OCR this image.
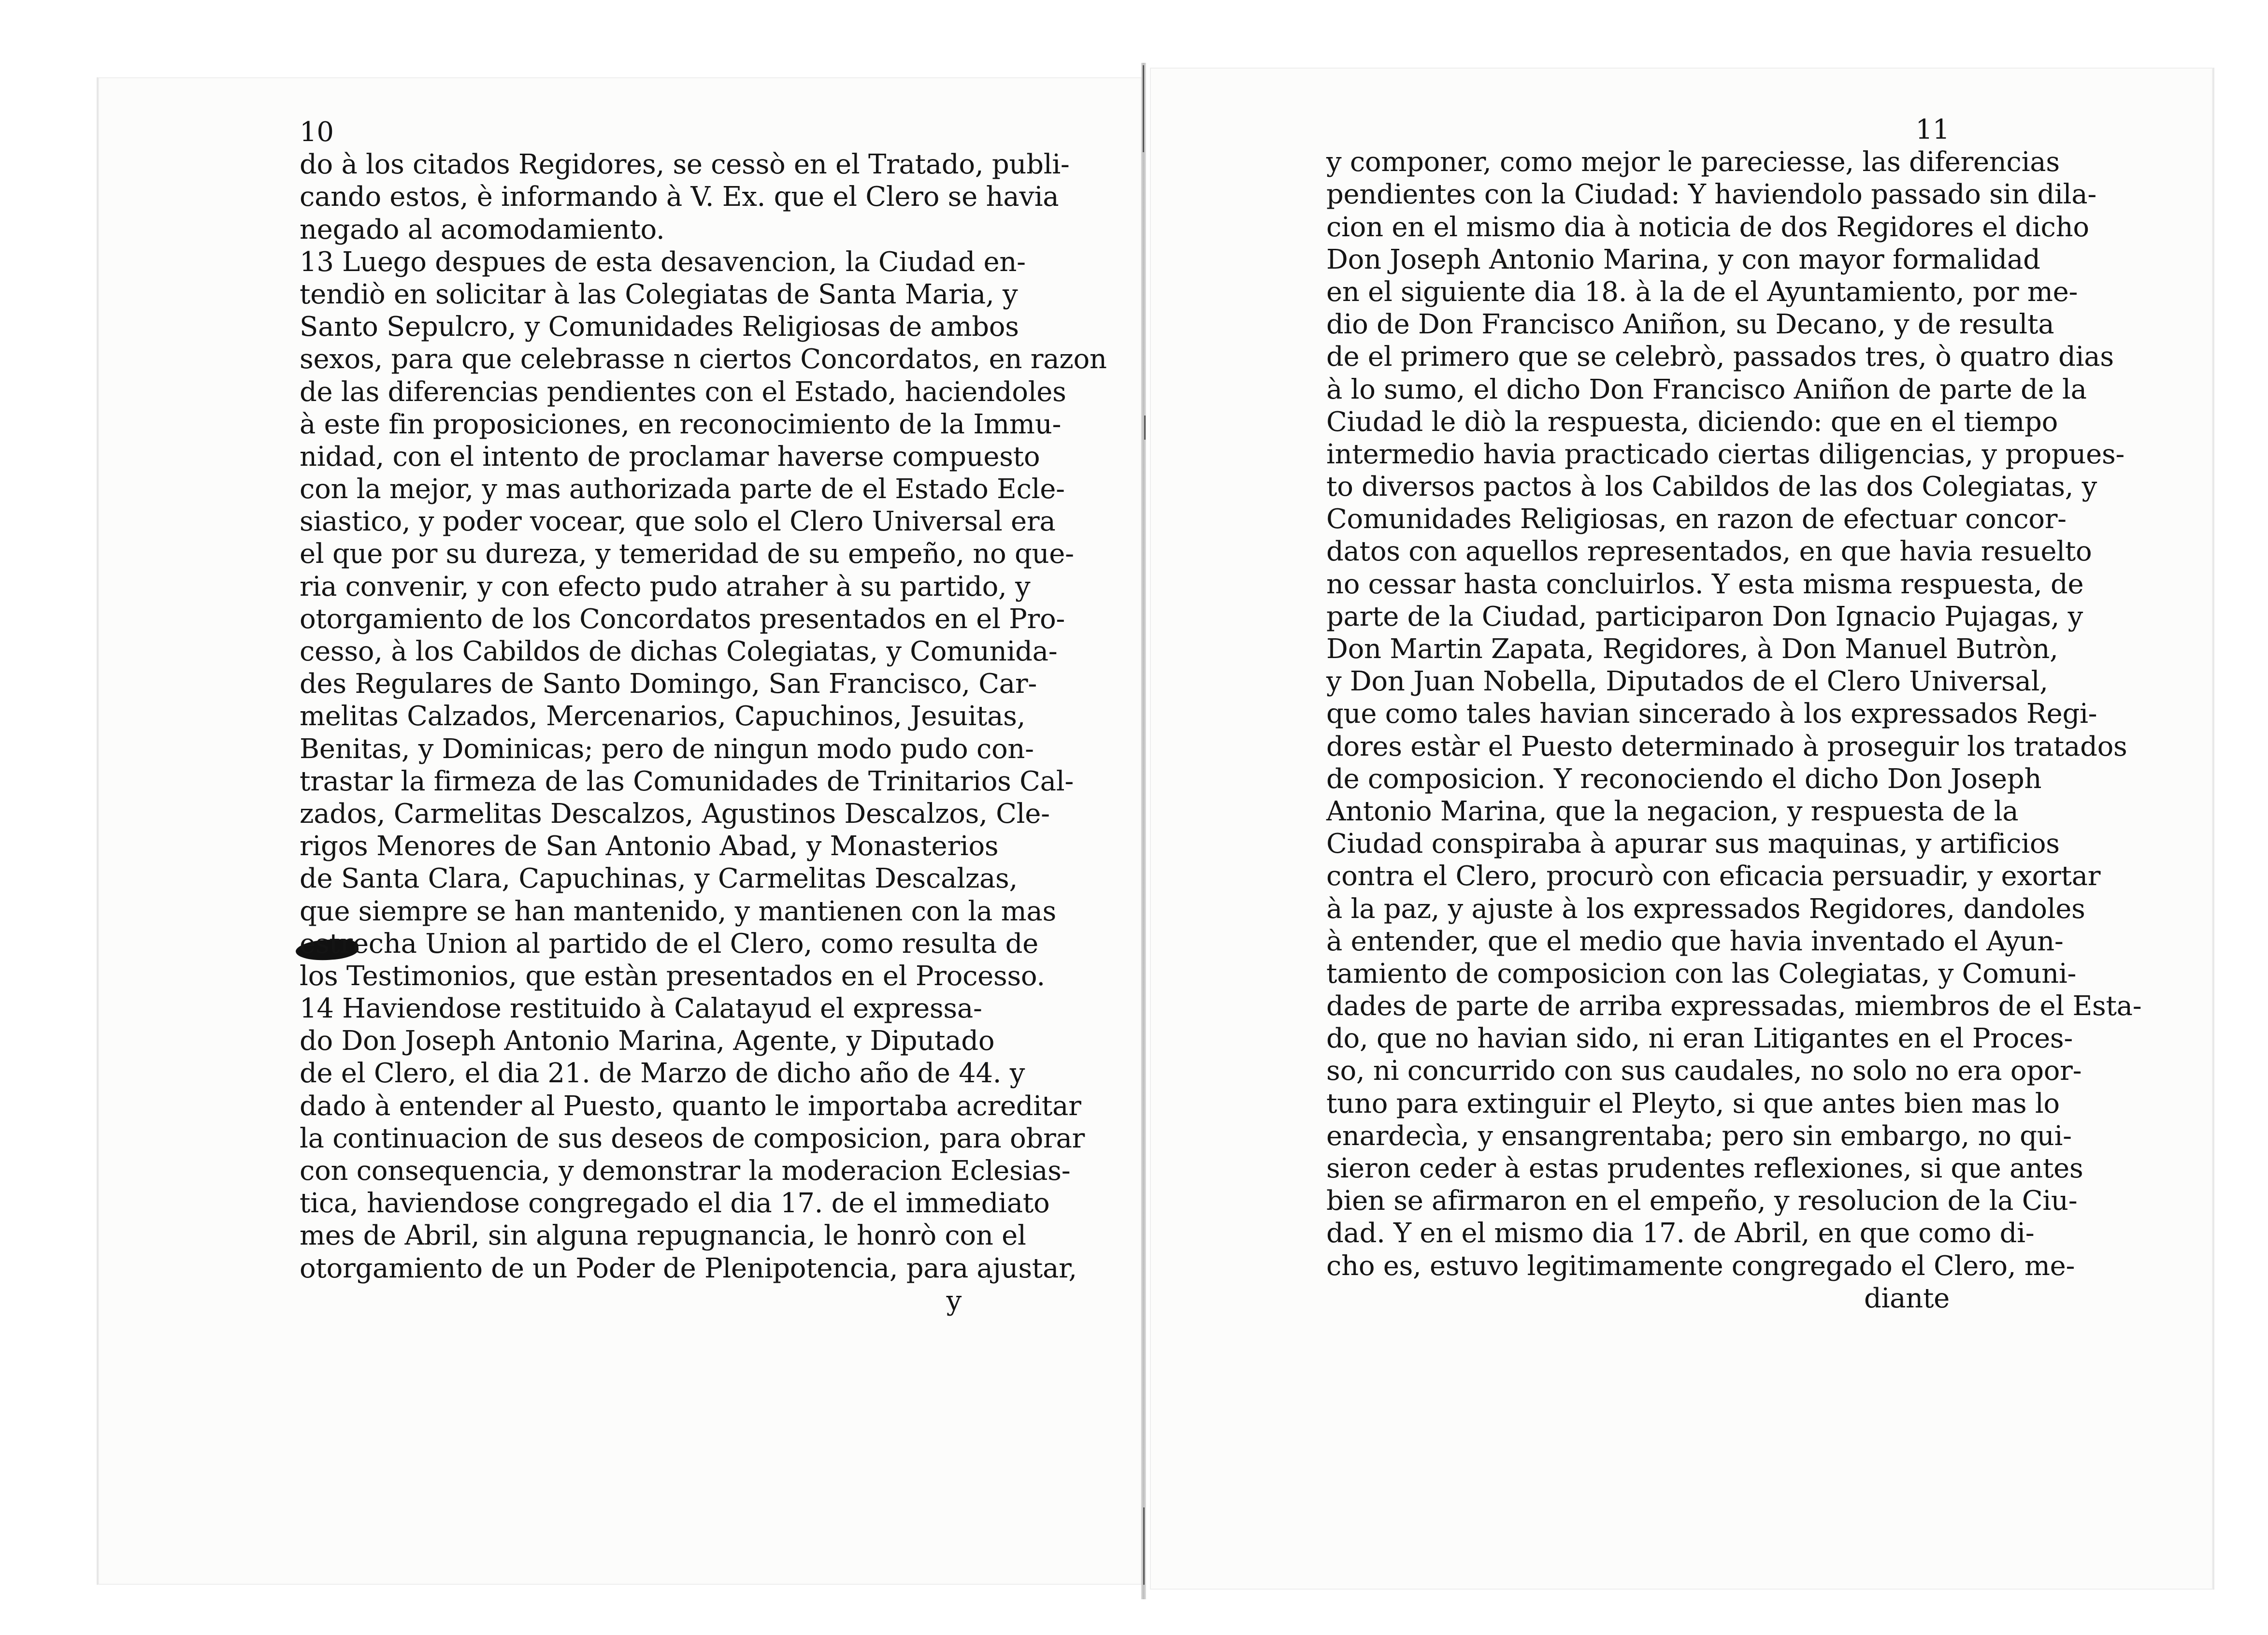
10
do à los citados Regidores, se cessò en el Tratado, publi-
cando estos, è informando à V. Ex. que el Clero se havia
negado al acomodamiento.
13 Luego despues de esta desavencion, la Ciudad en-
tendiò en solicitar à las Colegiatas de Santa Maria, y
Santo Sepulcro, y Comunidades Religiosas de ambos
sexos, para que celebrasse n ciertos Concordatos, en razon
de las diferencias pendientes con el Estado, haciendoles
à este fin proposiciones, en reconocimiento de la Immu-
nidad, con el intento de proclamar haverse compuesto
con la mejor, y mas authorizada parte de el Estado Ecle-
siastico, y poder vocear, que solo el Clero Universal era
el que por su dureza, y temeridad de su empeño, no que-
ria convenir, y con efecto pudo atraher à su partido, y
otorgamiento de los Concordatos presentados en el Pro-
cesso, à los Cabildos de dichas Colegiatas, y Comunida-
des Regulares de Santo Domingo, San Francisco, Car-
melitas Calzados, Mercenarios, Capuchinos, Jesuitas,
Benitas, y Dominicas; pero de ningun modo pudo con-
trastar la firmeza de las Comunidades de Trinitarios Cal-
zados, Carmelitas Descalzos, Agustinos Descalzos, Cle-
rigos Menores de San Antonio Abad, y Monasterios
de Santa Clara, Capuchinas, y Carmelitas Descalzas,
que siempre se han mantenido, y mantienen con la mas
estrecha Union al partido de el Clero, como resulta de
los Testimonios, que estàn presentados en el Processo.
14 Haviendose restituido à Calatayud el expressa-
do Don Joseph Antonio Marina, Agente, y Diputado
de el Clero, el dia 21. de Marzo de dicho año de 44. y
dado à entender al Puesto, quanto le importaba acreditar
la continuacion de sus deseos de composicion, para obrar
con consequencia, y demonstrar la moderacion Eclesias-
tica, haviendose congregado el dia 17. de el immediato
mes de Abril, sin alguna repugnancia, le honrò con el
otorgamiento de un Poder de Plenipotencia, para ajustar,
y
11
y componer, como mejor le pareciesse, las diferencias
pendientes con la Ciudad: Y haviendolo passado sin dila-
cion en el mismo dia à noticia de dos Regidores el dicho
Don Joseph Antonio Marina, y con mayor formalidad
en el siguiente dia 18. à la de el Ayuntamiento, por me-
dio de Don Francisco Aniñon, su Decano, y de resulta
de el primero que se celebrò, passados tres, ò quatro dias
à lo sumo, el dicho Don Francisco Aniñon de parte de la
Ciudad le diò la respuesta, diciendo: que en el tiempo
intermedio havia practicado ciertas diligencias, y propues-
to diversos pactos à los Cabildos de las dos Colegiatas, y
Comunidades Religiosas, en razon de efectuar concor-
datos con aquellos representados, en que havia resuelto
no cessar hasta concluirlos. Y esta misma respuesta, de
parte de la Ciudad, participaron Don Ignacio Pujagas, y
Don Martin Zapata, Regidores, à Don Manuel Butròn,
y Don Juan Nobella, Diputados de el Clero Universal,
que como tales havian sincerado à los expressados Regi-
dores estàr el Puesto determinado à proseguir los tratados
de composicion. Y reconociendo el dicho Don Joseph
Antonio Marina, que la negacion, y respuesta de la
Ciudad conspiraba à apurar sus maquinas, y artificios
contra el Clero, procurò con eficacia persuadir, y exortar
à la paz, y ajuste à los expressados Regidores, dandoles
à entender, que el medio que havia inventado el Ayun-
tamiento de composicion con las Colegiatas, y Comuni-
dades de parte de arriba expressadas, miembros de el Esta-
do, que no havian sido, ni eran Litigantes en el Proces-
so, ni concurrido con sus caudales, no solo no era opor-
tuno para extinguir el Pleyto, si que antes bien mas lo
enardecìa, y ensangrentaba; pero sin embargo, no qui-
sieron ceder à estas prudentes reflexiones, si que antes
bien se afirmaron en el empeño, y resolucion de la Ciu-
dad. Y en el mismo dia 17. de Abril, en que como di-
cho es, estuvo legitimamente congregado el Clero, me-
diante
